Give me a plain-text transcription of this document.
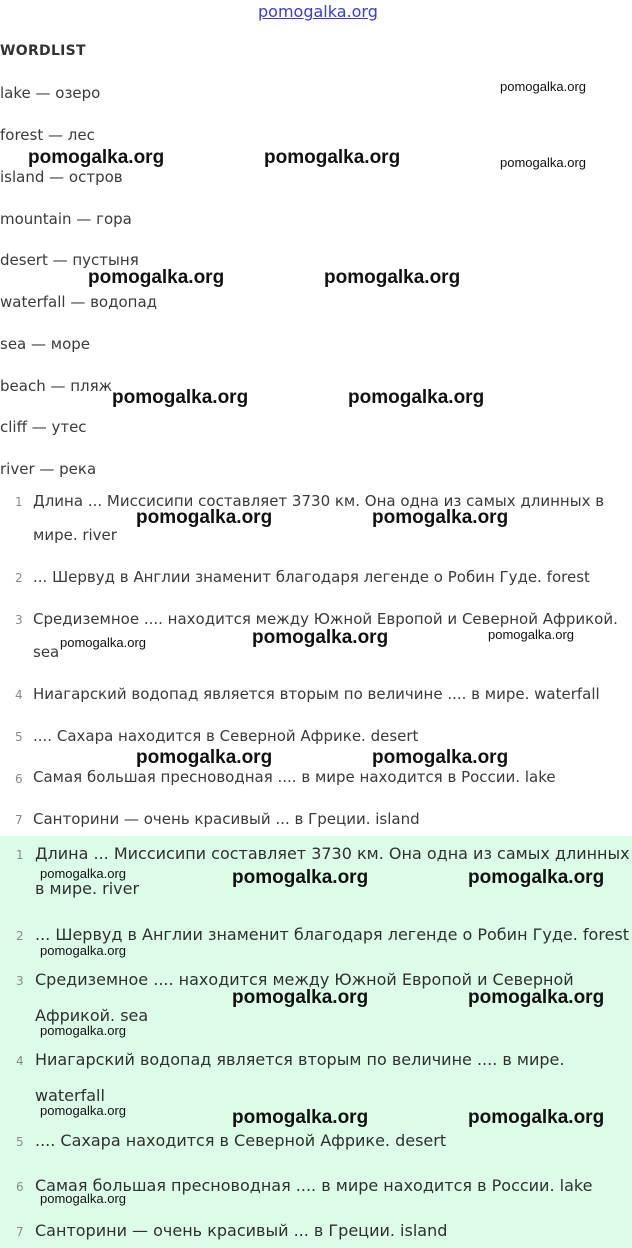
pomogalka.org
WORDLIST
lake — озеро
forest — лес
island — остров
mountain — гора
desert — пустыня
waterfall — водопад
sea — море
beach — пляж
cliff — утес
river — река
1 Длина ... Миссисипи составляет 3730 км. Она одна из самых длинных в
мире. river
2 ... Шервуд в Англии знаменит благодаря легенде о Робин Гуде. forest
3 Средиземное .... находится между Южной Европой и Северной Африкой.
sea
4 Ниагарский водопад является вторым по величине .... в мире. waterfall
5 .... Сахара находится в Северной Африке. desert
6 Самая большая пресноводная .... в мире находится в России. lake
7 Санторини — очень красивый ... в Греции. island
1 Длина ... Миссисипи составляет 3730 км. Она одна из самых длинных
в мире. river
2 ... Шервуд в Англии знаменит благодаря легенде о Робин Гуде. forest
3 Средиземное .... находится между Южной Европой и Северной
Африкой. sea
4 Ниагарский водопад является вторым по величине .... в мире.
waterfall
5 .... Сахара находится в Северной Африке. desert
6 Самая большая пресноводная .... в мире находится в России. lake
7 Санторини — очень красивый ... в Греции. island
pomogalka.org
pomogalka.org	pomogalka.org	pomogalka.org
pomogalka.org	pomogalka.org
pomogalka.org	pomogalka.org
pomogalka.org	pomogalka.org
pomogalka.org	pomogalka.org	pomogalka.org
pomogalka.org	pomogalka.org
pomogalka.org	pomogalka.org	pomogalka.org
pomogalka.org
pomogalka.org	pomogalka.org
pomogalka.org
pomogalka.org	pomogalka.org	pomogalka.org
pomogalka.org
